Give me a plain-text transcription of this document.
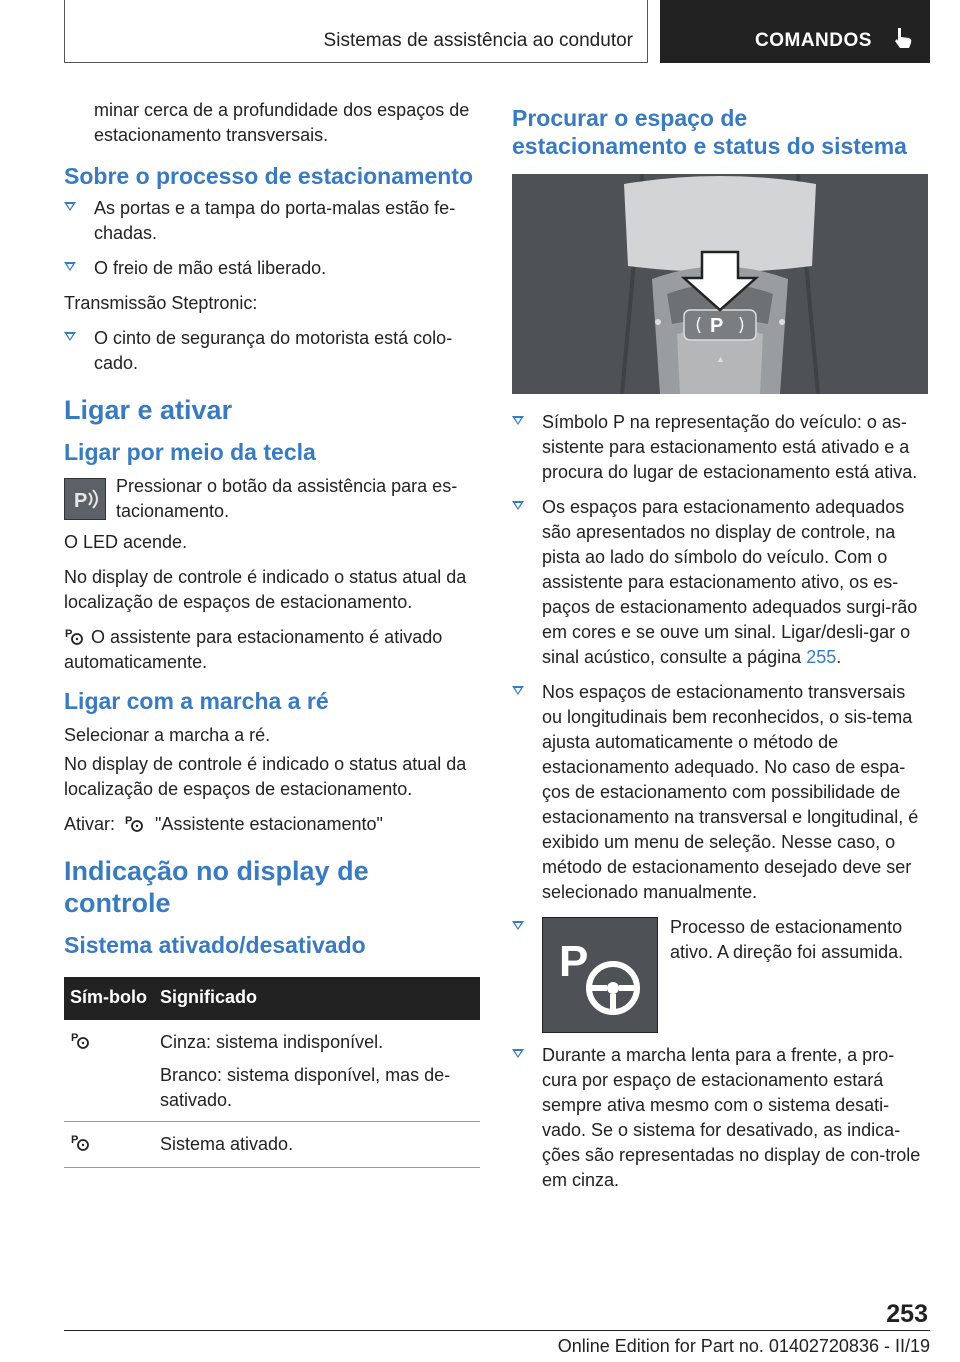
Sistemas de assistência ao condutor	COMANDOS

minar cerca de a profundidade dos espaços de estacionamento transversais.

Sobre o processo de estacionamento
As portas e a tampa do porta-malas estão fe-chadas.
O freio de mão está liberado.

Transmissão Steptronic:

O cinto de segurança do motorista está colo-cado.
Ligar e ativar
Ligar por meio da tecla
P
Pressionar o botão da assistência para es-tacionamento.

O LED acende.

No display de controle é indicado o status atual da localização de espaços de estacionamento.

P O assistente para estacionamento é ativado automaticamente.

Ligar com a marcha a ré

Selecionar a marcha a ré.

No display de controle é indicado o status atual da localização de espaços de estacionamento.

Ativar: P "Assistente estacionamento"

Indicação no display de controle
Sistema ativado/desativado
Sím-bolo	Significado

P	Cinza: sistema indisponível.
Branco: sistema disponível, mas de-sativado.

P	Sistema ativado.
Procurar o espaço de estacionamento e status do sistema
P
▲
Símbolo P na representação do veículo: o as-sistente para estacionamento está ativado e a procura do lugar de estacionamento está ativa.
Os espaços para estacionamento adequados são apresentados no display de controle, na pista ao lado do símbolo do veículo. Com o assistente para estacionamento ativo, os es-paços de estacionamento adequados surgi-rão em cores e se ouve um sinal. Ligar/desli-gar o sinal acústico, consulte a página 255.
Nos espaços de estacionamento transversais ou longitudinais bem reconhecidos, o sis-tema ajusta automaticamente o método de estacionamento adequado. No caso de espa-ços de estacionamento com possibilidade de estacionamento na transversal e longitudinal, é exibido um menu de seleção. Nesse caso, o método de estacionamento desejado deve ser selecionado manualmente.
P
Processo de estacionamento ativo. A direção foi assumida.
Durante a marcha lenta para a frente, a pro-cura por espaço de estacionamento estará sempre ativa mesmo com o sistema desati-vado. Se o sistema for desativado, as indica-ções são representadas no display de con-trole em cinza.
253
Online Edition for Part no. 01402720836 - II/19
